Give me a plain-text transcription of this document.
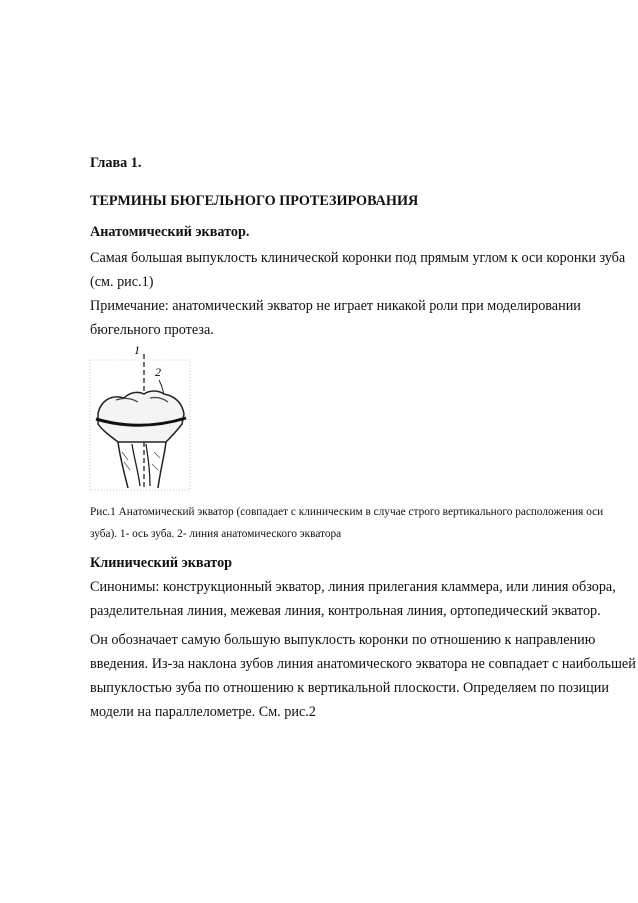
Глава 1.
ТЕРМИНЫ БЮГЕЛЬНОГО ПРОТЕЗИРОВАНИЯ
Анатомический экватор.
Самая большая выпуклость клинической коронки под прямым углом к оси коронки зуба
(см. рис.1)
Примечание: анатомический экватор не играет никакой роли при моделировании
бюгельного протеза.
1
2
Рис.1 Анатомический экватор (совпадает с клиническим в случае строго вертикального расположения оси
зуба). 1- ось зуба. 2- линия анатомического экватора
Клинический экватор
Синонимы: конструкционный экватор, линия прилегания кламмера, или линия обзора,
разделительная линия, межевая линия, контрольная линия, ортопедический экватор.
Он обозначает самую большую выпуклость коронки по отношению к направлению
введения. Из-за наклона зубов линия анатомического экватора не совпадает с наибольшей
выпуклостью зуба по отношению к вертикальной плоскости. Определяем по позиции
модели на параллелометре. См. рис.2
